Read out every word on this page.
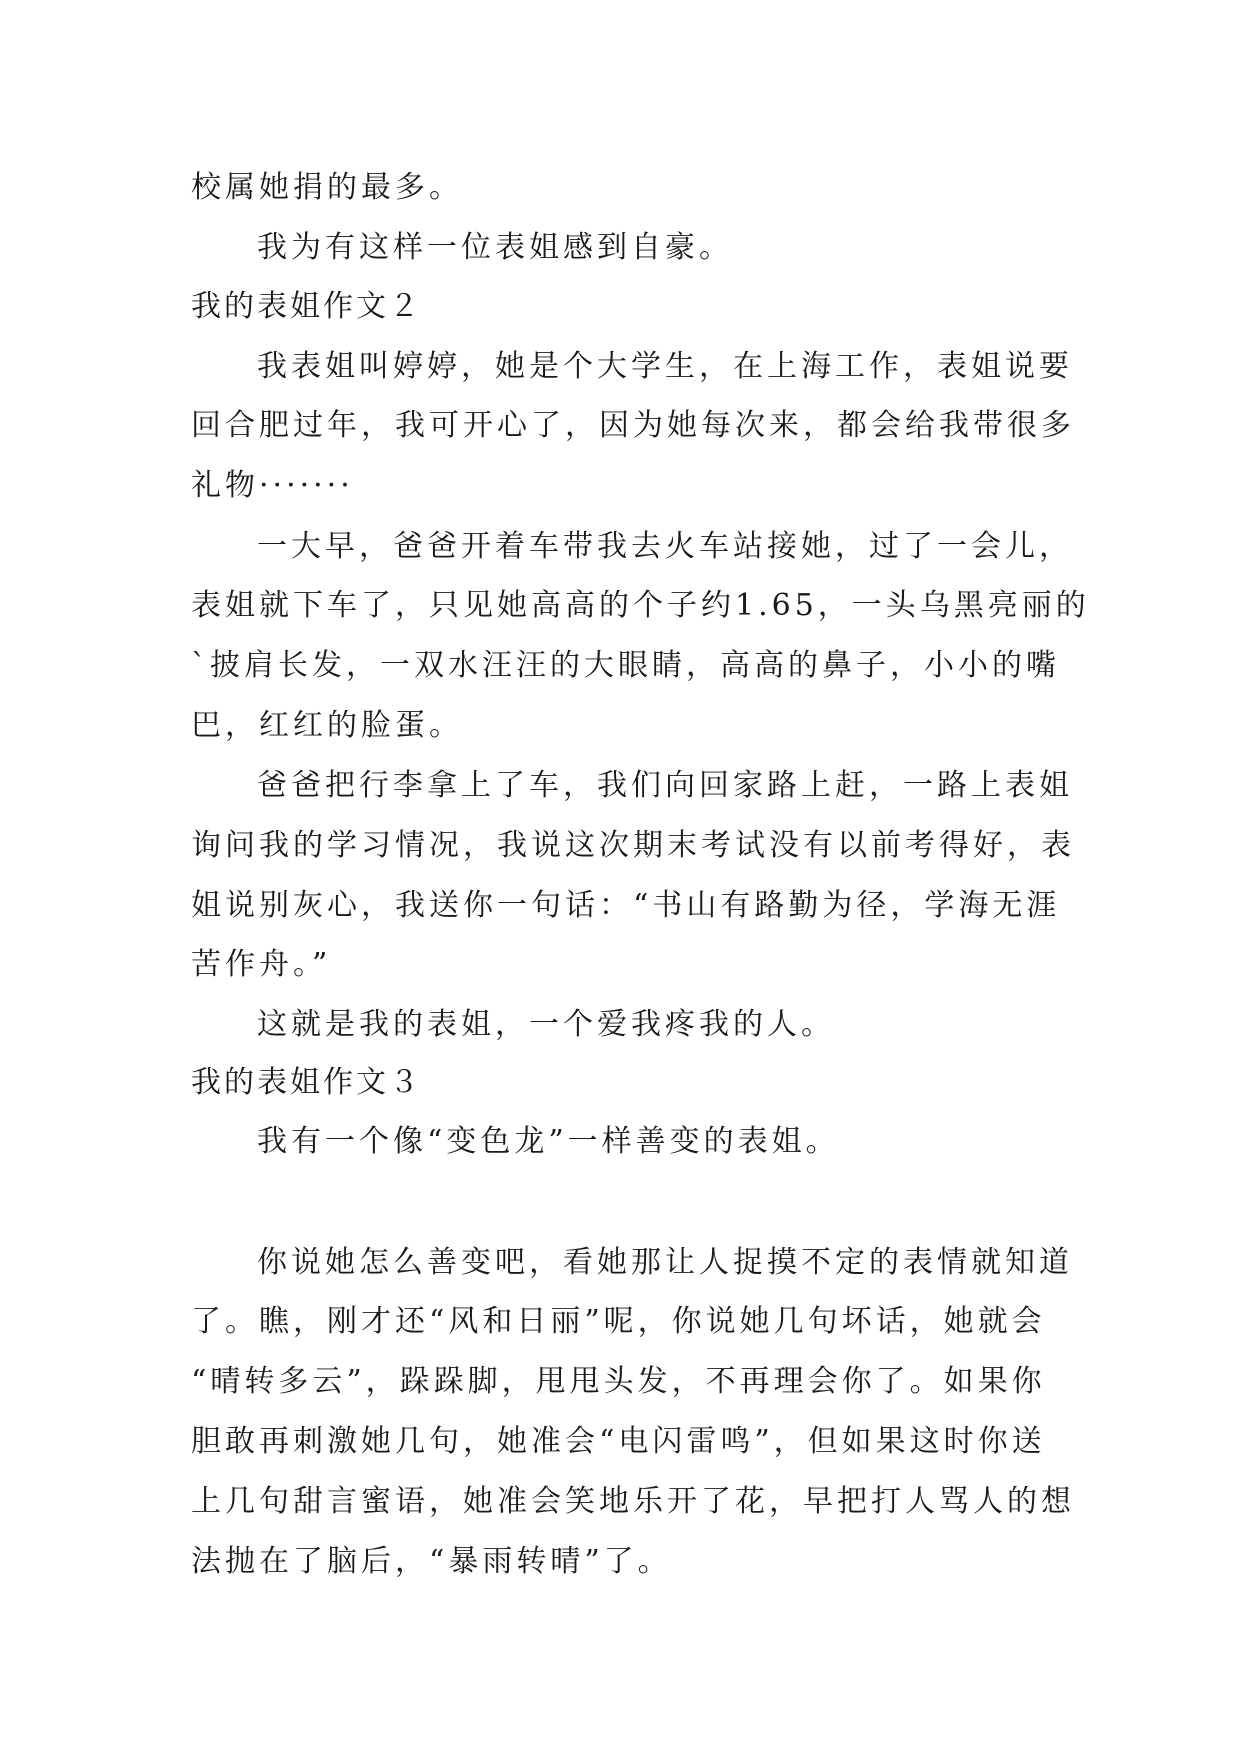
校属她捐的最多。
我为有这样一位表姐感到自豪。
我的表姐作文２
我表姐叫婷婷，她是个大学生，在上海工作，表姐说要
回合肥过年，我可开心了，因为她每次来，都会给我带很多
礼物·······
一大早，爸爸开着车带我去火车站接她，过了一会儿，
表姐就下车了，只见她高高的个子约1.65，一头乌黑亮丽的
`披肩长发，一双水汪汪的大眼睛，高高的鼻子，小小的嘴
巴，红红的脸蛋。
爸爸把行李拿上了车，我们向回家路上赶，一路上表姐
询问我的学习情况，我说这次期末考试没有以前考得好，表
姐说别灰心，我送你一句话：“书山有路勤为径，学海无涯
苦作舟。”
这就是我的表姐，一个爱我疼我的人。
我的表姐作文３
我有一个像“变色龙”一样善变的表姐。
你说她怎么善变吧，看她那让人捉摸不定的表情就知道
了。瞧，刚才还“风和日丽”呢，你说她几句坏话，她就会
“晴转多云”，跺跺脚，甩甩头发，不再理会你了。如果你
胆敢再刺激她几句，她准会“电闪雷鸣”，但如果这时你送
上几句甜言蜜语，她准会笑地乐开了花，早把打人骂人的想
法抛在了脑后，“暴雨转晴”了。
